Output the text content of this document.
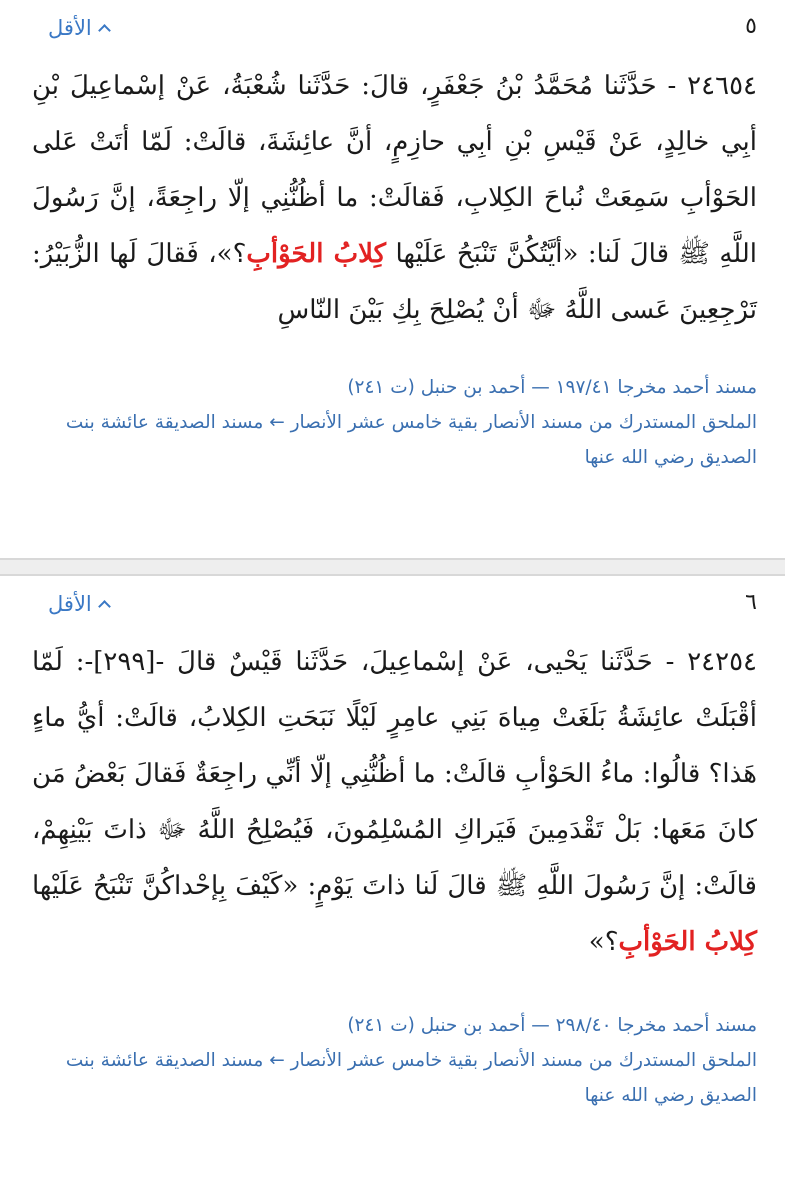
الأقل	٥

٢٤٦٥٤ - حَدَّثَنا مُحَمَّدُ بْنُ جَعْفَرٍ، قالَ: حَدَّثَنا شُعْبَةُ، عَنْ إسْماعِيلَ بْنِ أبِي خالِدٍ، عَنْ قَيْسِ بْنِ أبِي حازِمٍ، أنَّ عائِشَةَ، قالَتْ: لَمّا أتَتْ عَلى الحَوْأبِ سَمِعَتْ نُباحَ الكِلابِ، فَقالَتْ: ما أظُنُّنِي إلّا راجِعَةً، إنَّ رَسُولَ اللَّهِ ﷺ قالَ لَنا: «أيَّتُكُنَّ تَنْبَحُ عَلَيْها كِلابُ الحَوْأبِ؟»، فَقالَ لَها الزُّبَيْرُ: تَرْجِعِينَ عَسى اللَّهُ ﷻ أنْ يُصْلِحَ بِكِ بَيْنَ النّاسِ

مسند أحمد مخرجا ١٩٧/٤١ — أحمد بن حنبل (ت ٢٤١)
الملحق المستدرك من مسند الأنصار بقية خامس عشر الأنصار ← مسند الصديقة عائشة بنت الصديق رضي الله عنها
الأقل	٦

٢٤٢٥٤ - حَدَّثَنا يَحْيى، عَنْ إسْماعِيلَ، حَدَّثَنا قَيْسٌ قالَ -[٢٩٩]-: لَمّا أقْبَلَتْ عائِشَةُ بَلَغَتْ مِياهَ بَنِي عامِرٍ لَيْلًا نَبَحَتِ الكِلابُ، قالَتْ: أيُّ ماءٍ هَذا؟ قالُوا: ماءُ الحَوْأبِ قالَتْ: ما أظُنُّنِي إلّا أنِّي راجِعَةٌ فَقالَ بَعْضُ مَن كانَ مَعَها: بَلْ تَقْدَمِينَ فَيَراكِ المُسْلِمُونَ، فَيُصْلِحُ اللَّهُ ﷻ ذاتَ بَيْنِهِمْ، قالَتْ: إنَّ رَسُولَ اللَّهِ ﷺ قالَ لَنا ذاتَ يَوْمٍ: «كَيْفَ بِإحْداكُنَّ تَنْبَحُ عَلَيْها كِلابُ الحَوْأبِ؟»

مسند أحمد مخرجا ٢٩٨/٤٠ — أحمد بن حنبل (ت ٢٤١)
الملحق المستدرك من مسند الأنصار بقية خامس عشر الأنصار ← مسند الصديقة عائشة بنت الصديق رضي الله عنها
